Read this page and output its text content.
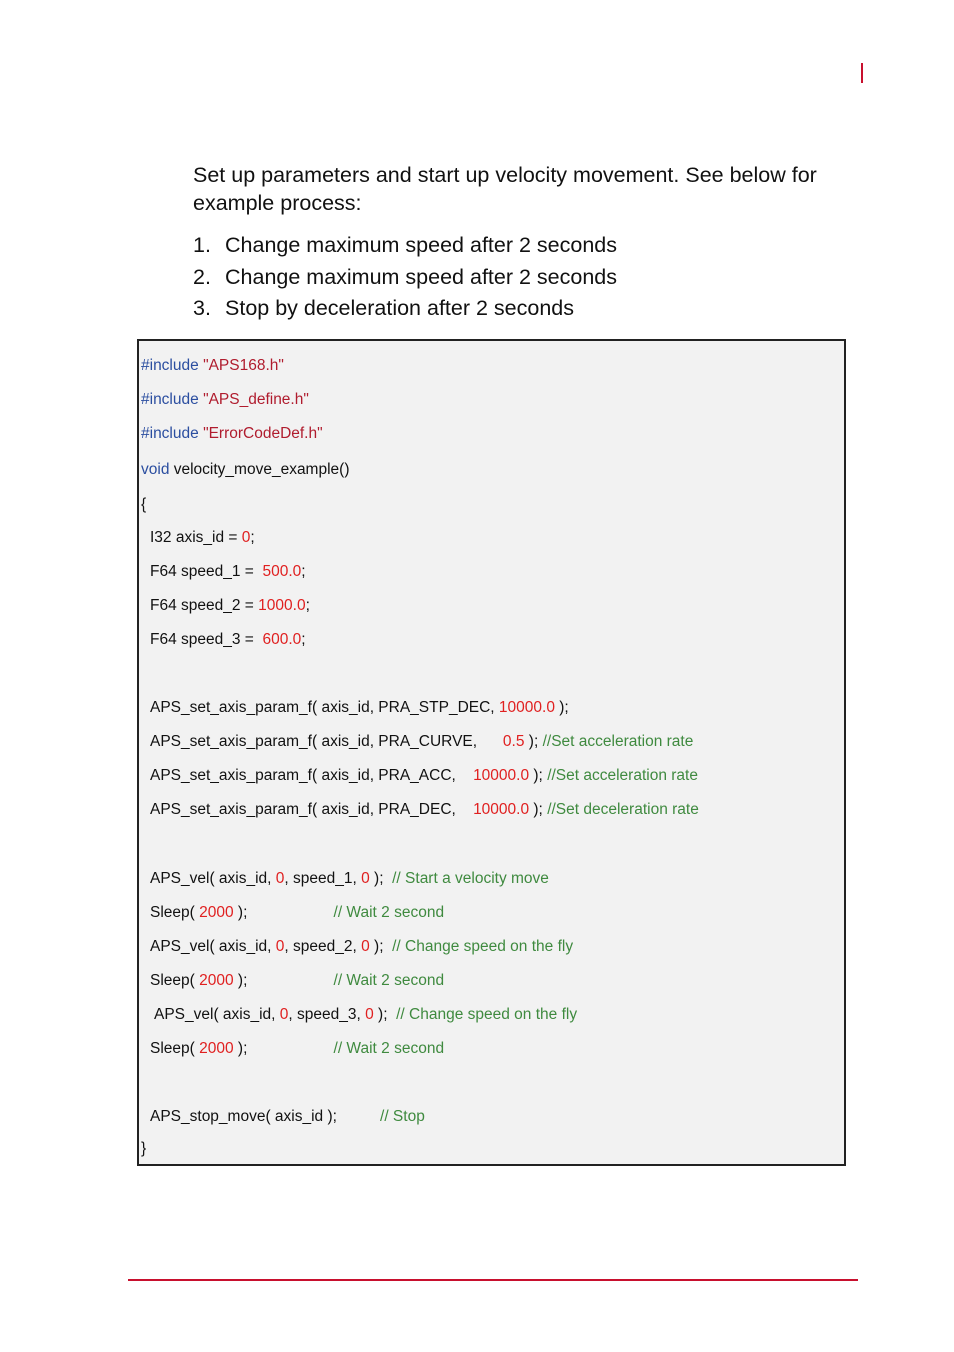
Set up parameters and start up velocity movement. See below for example process:

1. Change maximum speed after 2 seconds
2. Change maximum speed after 2 seconds
3. Stop by deceleration after 2 seconds
#include "APS168.h"
#include "APS_define.h"
#include "ErrorCodeDef.h"
void velocity_move_example()
{
I32 axis_id = 0;
F64 speed_1 =  500.0;
F64 speed_2 = 1000.0;
F64 speed_3 =  600.0;
APS_set_axis_param_f( axis_id, PRA_STP_DEC, 10000.0 );
APS_set_axis_param_f( axis_id, PRA_CURVE,      0.5 ); //Set acceleration rate
APS_set_axis_param_f( axis_id, PRA_ACC,    10000.0 ); //Set acceleration rate
APS_set_axis_param_f( axis_id, PRA_DEC,    10000.0 ); //Set deceleration rate
APS_vel( axis_id, 0, speed_1, 0 );  // Start a velocity move
Sleep( 2000 );                    // Wait 2 second
APS_vel( axis_id, 0, speed_2, 0 );  // Change speed on the fly
Sleep( 2000 );                    // Wait 2 second
APS_vel( axis_id, 0, speed_3, 0 );  // Change speed on the fly
Sleep( 2000 );                    // Wait 2 second
APS_stop_move( axis_id );          // Stop
}
